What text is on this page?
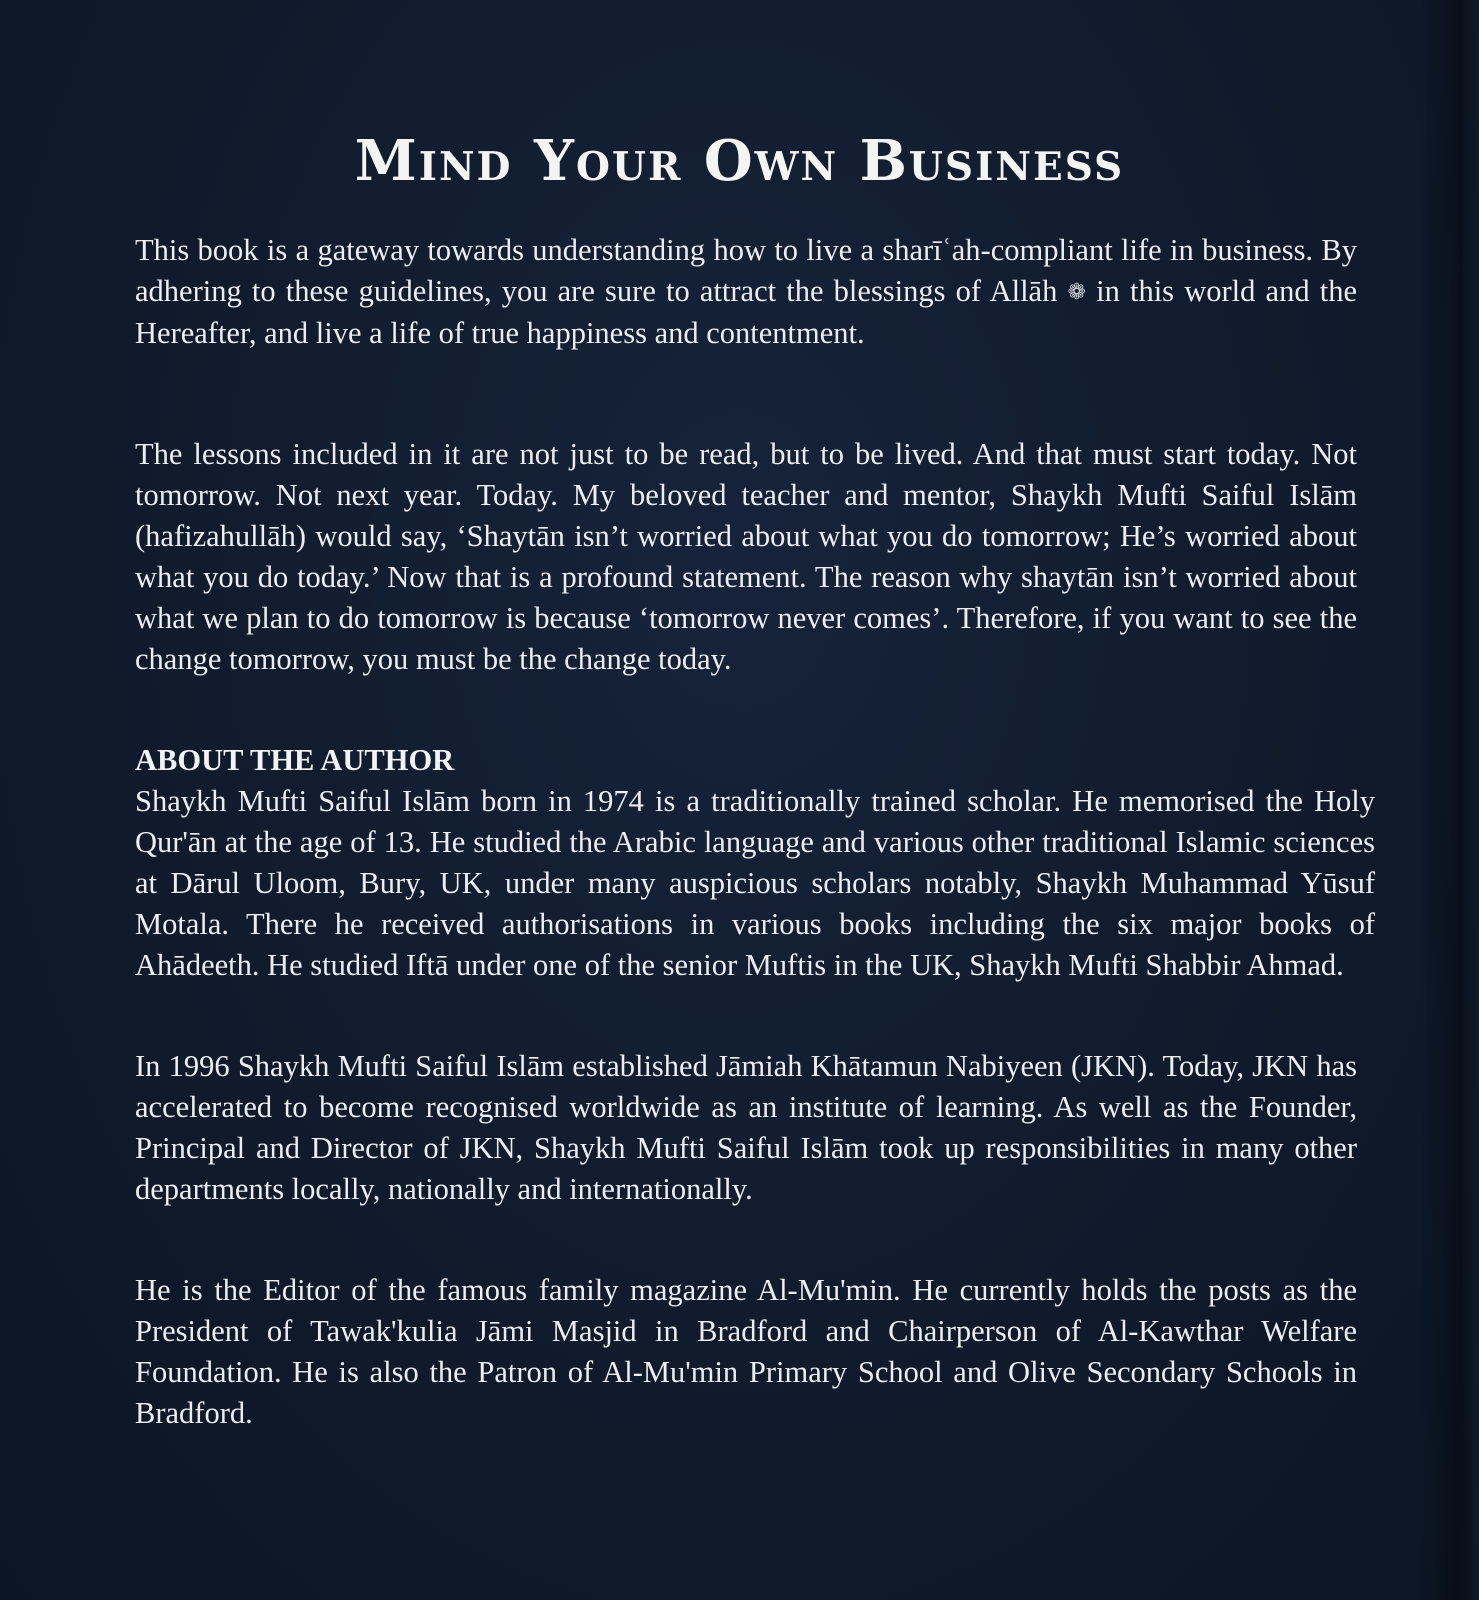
Mind Your Own Business

This book is a gateway towards understanding how to live a sharīʿah-compliant life in business. By adhering to these guidelines, you are sure to attract the blessings of Allāh ❁ in this world and the Hereafter, and live a life of true happiness and contentment.

The lessons included in it are not just to be read, but to be lived. And that must start today. Not tomorrow. Not next year. Today. My beloved teacher and mentor, Shaykh Mufti Saiful Islām (hafizahullāh) would say, ‘Shaytān isn’t worried about what you do tomorrow; He’s worried about what you do today.’ Now that is a profound statement. The reason why shaytān isn’t worried about what we plan to do tomorrow is because ‘tomorrow never comes’. Therefore, if you want to see the change tomorrow, you must be the change today.

ABOUT THE AUTHOR

Shaykh Mufti Saiful Islām born in 1974 is a traditionally trained scholar. He memorised the Holy Qur'ān at the age of 13. He studied the Arabic language and various other traditional Islamic sciences at Dārul Uloom, Bury, UK, under many auspicious scholars notably, Shaykh Muhammad Yūsuf Motala. There he received authorisations in various books including the six major books of Ahādeeth. He studied Iftā under one of the senior Muftis in the UK, Shaykh Mufti Shabbir Ahmad.

In 1996 Shaykh Mufti Saiful Islām established Jāmiah Khātamun Nabiyeen (JKN). Today, JKN has accelerated to become recognised worldwide as an institute of learning. As well as the Founder, Principal and Director of JKN, Shaykh Mufti Saiful Islām took up responsibilities in many other departments locally, nationally and internationally.

He is the Editor of the famous family magazine Al-Mu'min. He currently holds the posts as the President of Tawak'kulia Jāmi Masjid in Bradford and Chairperson of Al-Kawthar Welfare Foundation. He is also the Patron of Al-Mu'min Primary School and Olive Secondary Schools in Bradford.
